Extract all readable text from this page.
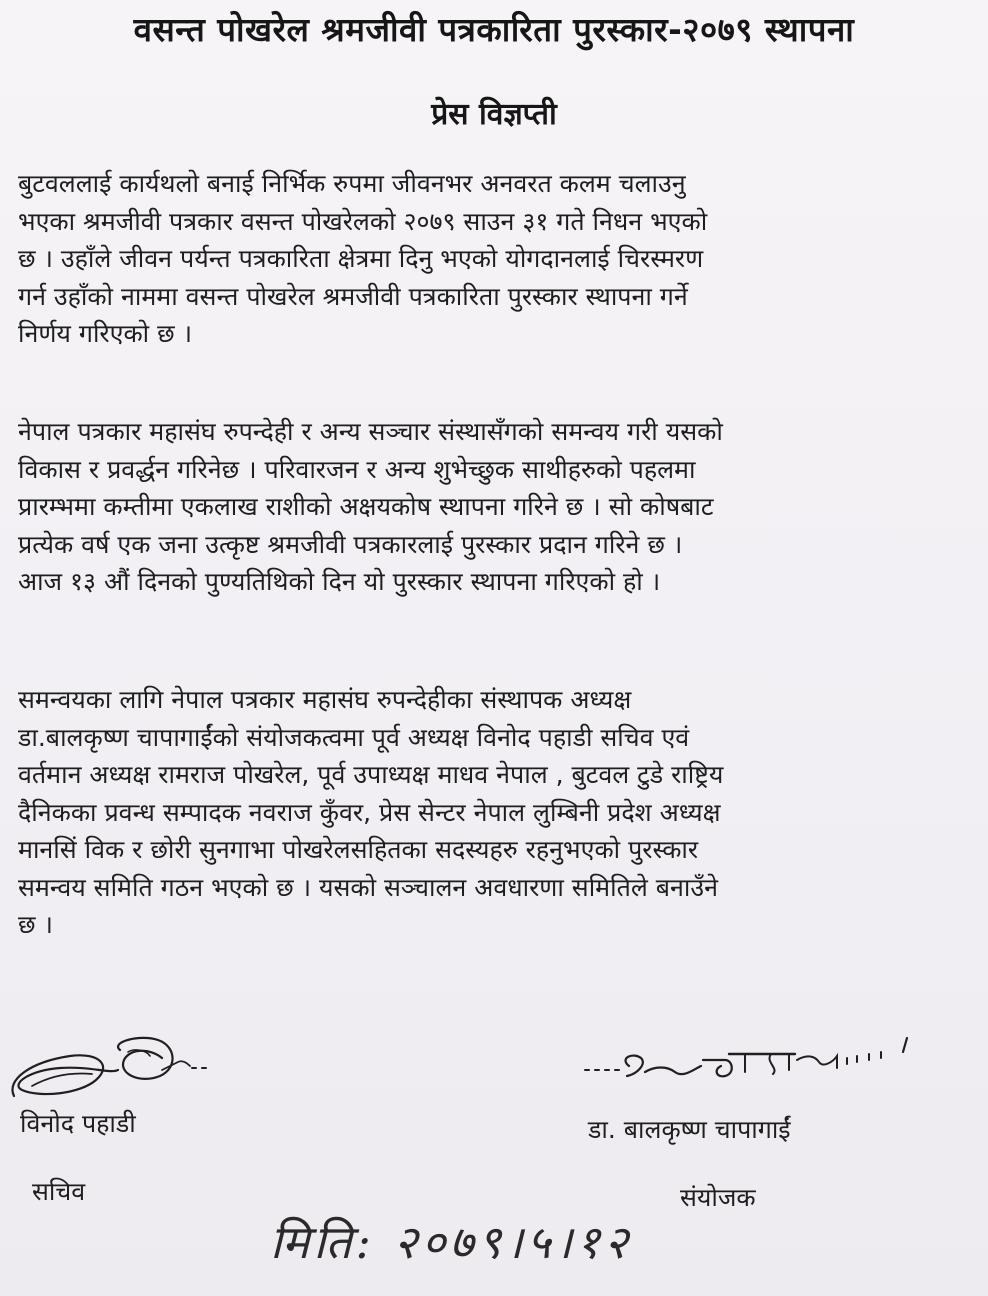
वसन्त पोखरेल श्रमजीवी पत्रकारिता पुरस्कार-२०७९ स्थापना
प्रेस विज्ञप्ती
बुटवललाई कार्यथलो बनाई निर्भिक रुपमा जीवनभर अनवरत कलम चलाउनु
भएका श्रमजीवी पत्रकार वसन्त पोखरेलको २०७९ साउन ३१ गते निधन भएको
छ । उहाँले जीवन पर्यन्त पत्रकारिता क्षेत्रमा दिनु भएको योगदानलाई चिरस्मरण
गर्न उहाँको नाममा वसन्त पोखरेल श्रमजीवी पत्रकारिता पुरस्कार स्थापना गर्ने
निर्णय गरिएको छ ।
नेपाल पत्रकार महासंघ रुपन्देही र अन्य सञ्चार संस्थासँगको समन्वय गरी यसको
विकास र प्रवर्द्धन गरिनेछ । परिवारजन र अन्य शुभेच्छुक साथीहरुको पहलमा
प्रारम्भमा कम्तीमा एकलाख राशीको अक्षयकोष स्थापना गरिने छ । सो कोषबाट
प्रत्येक वर्ष एक जना उत्कृष्ट श्रमजीवी पत्रकारलाई पुरस्कार प्रदान गरिने छ ।
आज १३ औं दिनको पुण्यतिथिको दिन यो पुरस्कार स्थापना गरिएको हो ।
समन्वयका लागि नेपाल पत्रकार महासंघ रुपन्देहीका संस्थापक अध्यक्ष
डा.बालकृष्ण चापागाईंको संयोजकत्वमा पूर्व अध्यक्ष विनोद पहाडी सचिव एवं
वर्तमान अध्यक्ष रामराज पोखरेल, पूर्व उपाध्यक्ष माधव नेपाल , बुटवल टुडे राष्ट्रिय
दैनिकका प्रवन्ध सम्पादक नवराज कुँवर, प्रेस सेन्टर नेपाल लुम्बिनी प्रदेश अध्यक्ष
मानसिं विक र छोरी सुनगाभा पोखरेलसहितका सदस्यहरु रहनुभएको पुरस्कार
समन्वय समिति गठन भएको छ । यसको सञ्चालन अवधारणा समितिले बनाउँने
छ ।
विनोद पहाडी
सचिव
डा. बालकृष्ण चापागाईं
संयोजक
मिति: २०७९।५।१२
